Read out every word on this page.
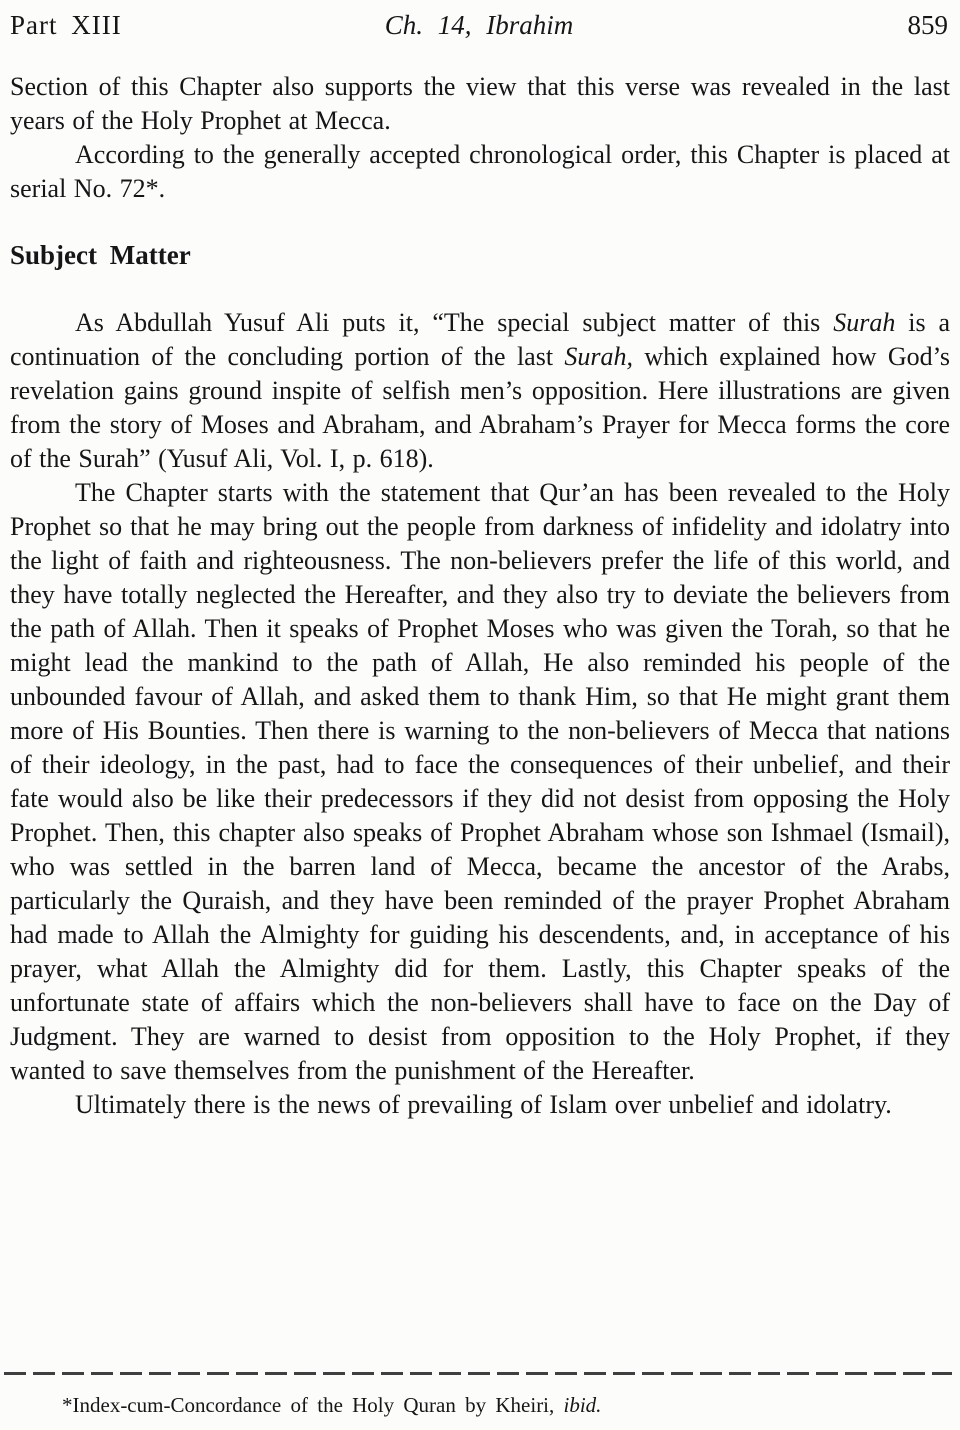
Part XIII	Ch. 14, Ibrahim	859

Section of this Chapter also supports the view that this verse was revealed in the last years of the Holy Prophet at Mecca.

According to the generally accepted chronological order, this Chapter is placed at serial No. 72*.

Subject Matter

As Abdullah Yusuf Ali puts it, “The special subject matter of this Surah is a continuation of the concluding portion of the last Surah, which explained how God’s revelation gains ground inspite of selfish men’s opposition. Here illustrations are given from the story of Moses and Abraham, and Abraham’s Prayer for Mecca forms the core of the Surah” (Yusuf Ali, Vol. I, p. 618).

The Chapter starts with the statement that Qur’an has been revealed to the Holy Prophet so that he may bring out the people from darkness of infidelity and idolatry into the light of faith and righteousness. The non-believers prefer the life of this world, and they have totally neglected the Hereafter, and they also try to deviate the believers from the path of Allah. Then it speaks of Prophet Moses who was given the Torah, so that he might lead the mankind to the path of Allah, He also reminded his people of the unbounded favour of Allah, and asked them to thank Him, so that He might grant them more of His Bounties. Then there is warning to the non-believers of Mecca that nations of their ideology, in the past, had to face the consequences of their unbelief, and their fate would also be like their predecessors if they did not desist from opposing the Holy Prophet. Then, this chapter also speaks of Prophet Abraham whose son Ishmael (Ismail), who was settled in the barren land of Mecca, became the ancestor of the Arabs, particularly the Quraish, and they have been reminded of the prayer Prophet Abraham had made to Allah the Almighty for guiding his descendents, and, in acceptance of his prayer, what Allah the Almighty did for them. Lastly, this Chapter speaks of the unfortunate state of affairs which the non-believers shall have to face on the Day of Judgment. They are warned to desist from opposition to the Holy Prophet, if they wanted to save themselves from the punishment of the Hereafter.

Ultimately there is the news of prevailing of Islam over unbelief and idolatry.

*Index-cum-Concordance of the Holy Quran by Kheiri, ibid.
